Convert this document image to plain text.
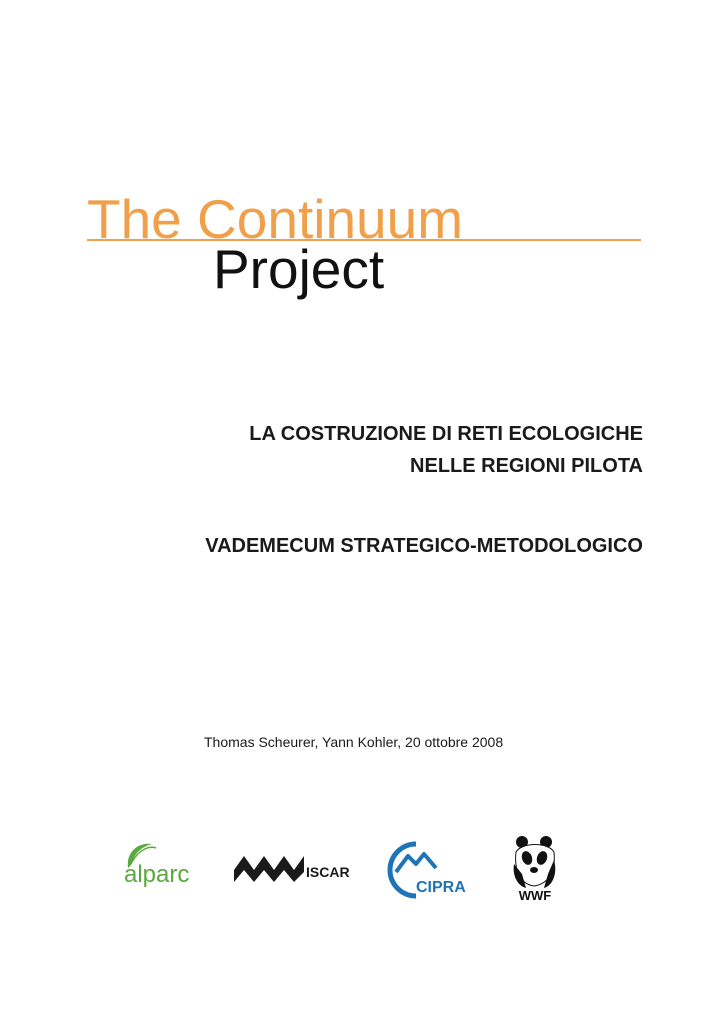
The Continuum
Project
LA COSTRUZIONE DI RETI ECOLOGICHE
NELLE REGIONI PILOTA
VADEMECUM STRATEGICO-METODOLOGICO
Thomas Scheurer, Yann Kohler, 20 ottobre 2008
alparc	ISCAR
CIPRA	WWF
